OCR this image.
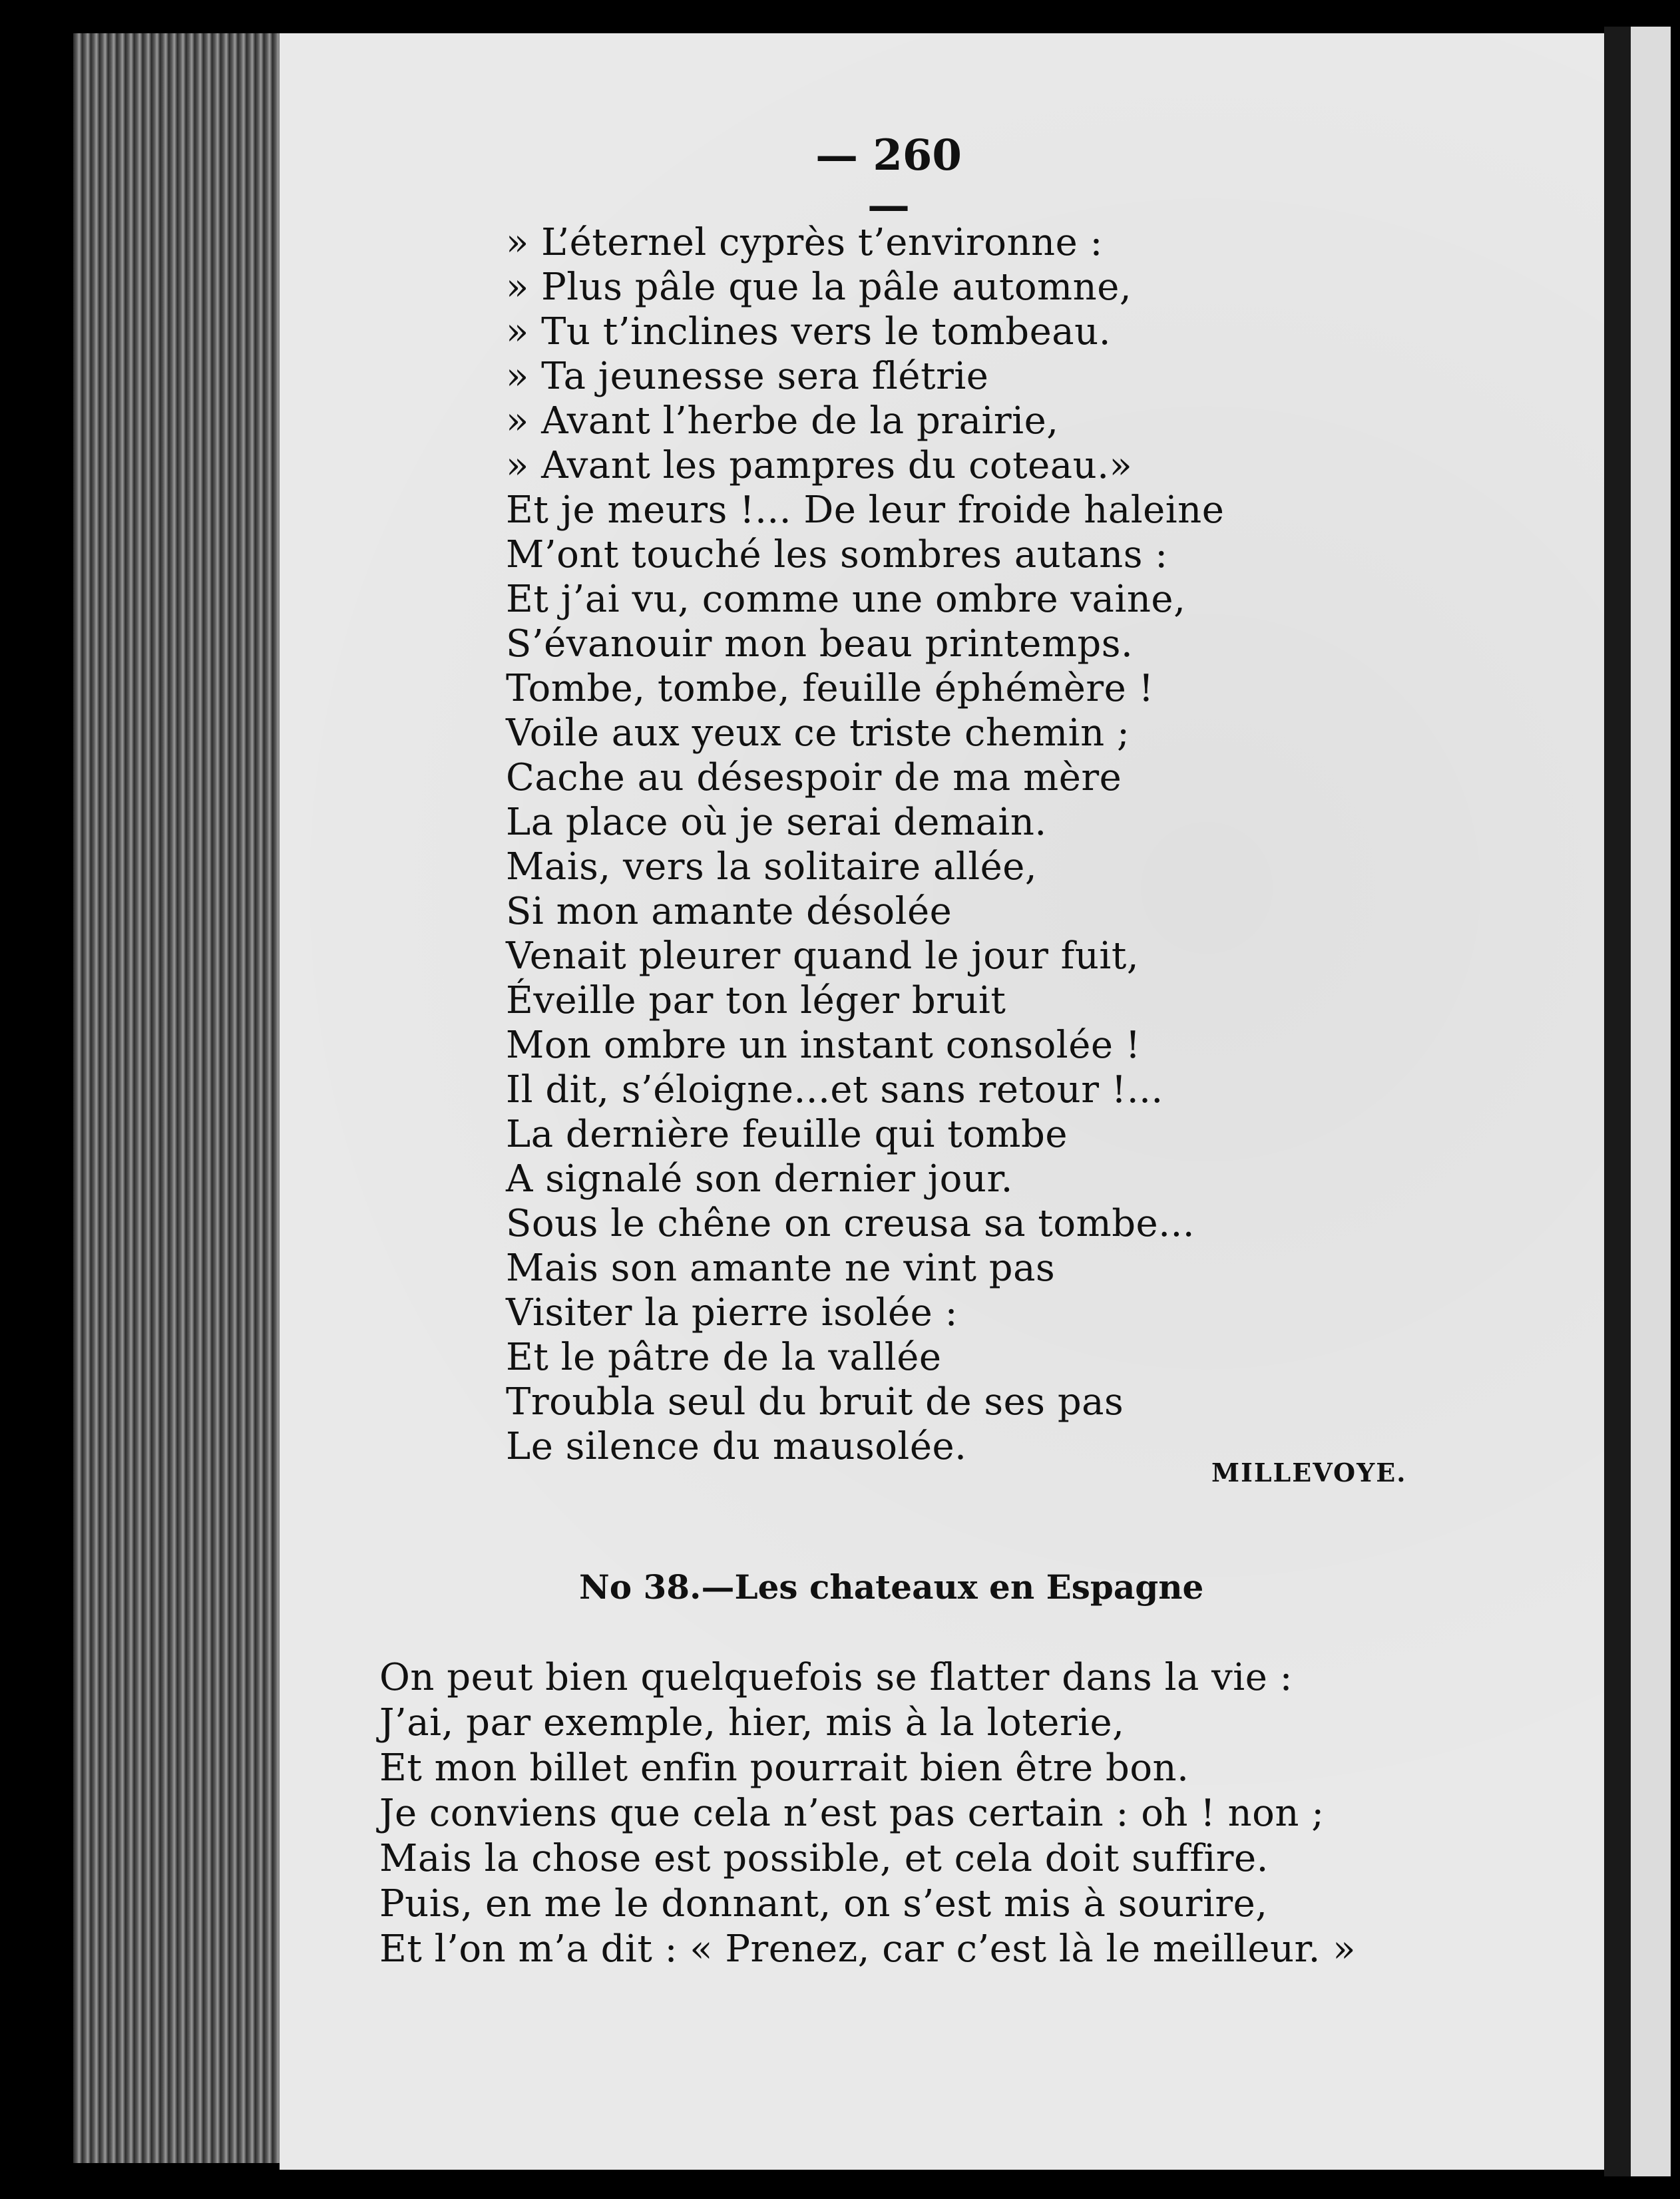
— 260 —
» L’éternel cyprès t’environne :
» Plus pâle que la pâle automne,
» Tu t’inclines vers le tombeau.
» Ta jeunesse sera flétrie
» Avant l’herbe de la prairie,
» Avant les pampres du coteau.»
Et je meurs !... De leur froide haleine
M’ont touché les sombres autans :
Et j’ai vu, comme une ombre vaine,
S’évanouir mon beau printemps.
Tombe, tombe, feuille éphémère !
Voile aux yeux ce triste chemin ;
Cache au désespoir de ma mère
La place où je serai demain.
Mais, vers la solitaire allée,
Si mon amante désolée
Venait pleurer quand le jour fuit,
Éveille par ton léger bruit
Mon ombre un instant consolée !
Il dit, s’éloigne...et sans retour !...
La dernière feuille qui tombe
A signalé son dernier jour.
Sous le chêne on creusa sa tombe...
Mais son amante ne vint pas
Visiter la pierre isolée :
Et le pâtre de la vallée
Troubla seul du bruit de ses pas
Le silence du mausolée.
MILLEVOYE.
No 38.—Les chateaux en Espagne
On peut bien quelquefois se flatter dans la vie :
J’ai, par exemple, hier, mis à la loterie,
Et mon billet enfin pourrait bien être bon.
Je conviens que cela n’est pas certain : oh ! non ;
Mais la chose est possible, et cela doit suffire.
Puis, en me le donnant, on s’est mis à sourire,
Et l’on m’a dit : « Prenez, car c’est là le meilleur. »
